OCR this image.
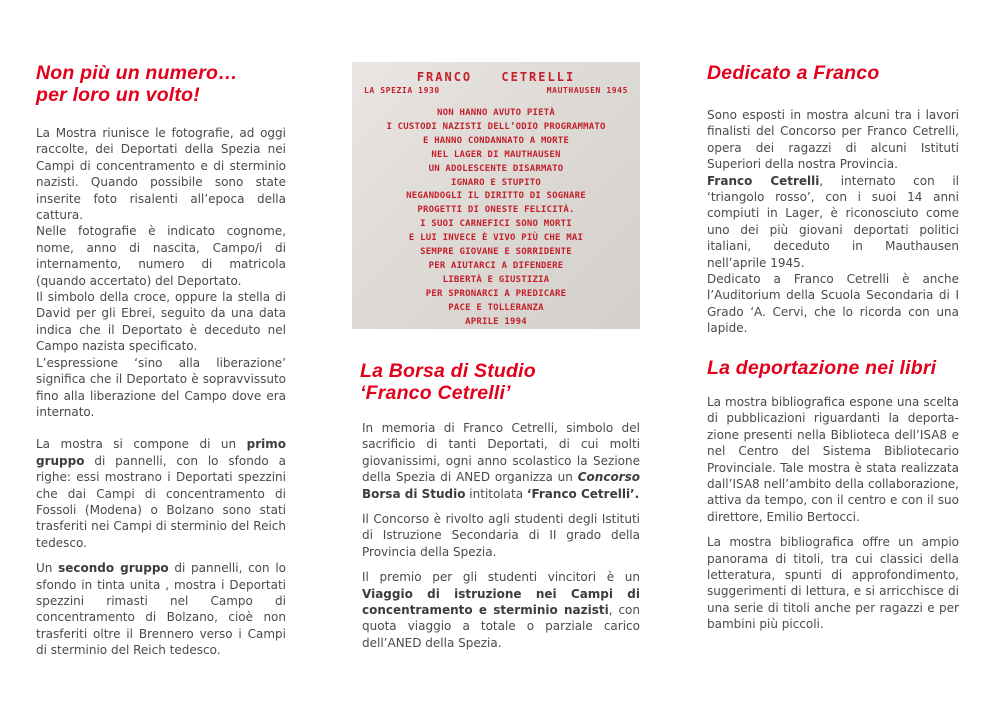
Non più un numero…
per loro un volto!

La Mostra riunisce le fotografie, ad oggi raccolte, dei Deportati della Spezia nei Campi di concentramento e di sterminio nazisti. Quando possibile sono state inserite foto risalenti all’epoca della cattura.

Nelle fotografie è indicato cognome, nome, anno di nascita, Campo/i di internamento, numero di matricola (quando accertato) del Deportato.

Il simbolo della croce, oppure la stella di David per gli Ebrei, seguito da una data indica che il Deportato è deceduto nel Campo nazista specificato.

L’espressione ‘sino alla liberazione’ significa che il Deportato è sopravvissuto fino alla liberazione del Campo dove era internato.

La mostra si compone di un primo gruppo di pannelli, con lo sfondo a righe: essi mostrano i Deportati spezzini che dai Campi di concentramento di Fossoli (Modena) o Bolzano sono stati trasferiti nei Campi di sterminio del Reich tedesco.

Un secondo gruppo di pannelli, con lo sfondo in tinta unita , mostra i Deportati spezzini rimasti nel Campo di concentramento di Bolzano, cioè non trasferiti oltre il Brennero verso i Campi di sterminio del Reich tedesco.

FRANCO CETRELLI
LA SPEZIA 1930	MAUTHAUSEN 1945
NON HANNO AVUTO PIETÀ
I CUSTODI NAZISTI DELL’ODIO PROGRAMMATO
E HANNO CONDANNATO A MORTE
NEL LAGER DI MAUTHAUSEN
UN ADOLESCENTE DISARMATO
IGNARO E STUPITO
NEGANDOGLI IL DIRITTO DI SOGNARE
PROGETTI DI ONESTE FELICITÀ.
I SUOI CARNEFICI SONO MORTI
E LUI INVECE È VIVO PIÙ CHE MAI
SEMPRE GIOVANE E SORRIDENTE
PER AIUTARCI A DIFENDERE
LIBERTÀ E GIUSTIZIA
PER SPRONARCI A PREDICARE
PACE E TOLLERANZA
APRILE 1994
La Borsa di Studio
‘Franco Cetrelli’

In memoria di Franco Cetrelli, simbolo del sacrificio di tanti Deportati, di cui molti giovanissimi, ogni anno scolastico la Sezione della Spezia di ANED organizza un Concorso Borsa di Studio intitolata ‘Franco Cetrelli’.

Il Concorso è rivolto agli studenti degli Istituti di Istruzione Secondaria di II grado della Provincia della Spezia.

Il premio per gli studenti vincitori è un Viaggio di istruzione nei Campi di concentramento e sterminio nazisti, con quota viaggio a totale o parziale carico dell’ANED della Spezia.

Dedicato a Franco

Sono esposti in mostra alcuni tra i lavori finalisti del Concorso per Franco Cetrelli, opera dei ragazzi di alcuni Istituti Superiori della nostra Provincia.

Franco Cetrelli, internato con il ‘triangolo rosso’, con i suoi 14 anni compiuti in Lager, è riconosciuto come uno dei più giovani deportati politici italiani, deceduto in Mauthausen nell’aprile 1945.

Dedicato a Franco Cetrelli è anche l’Auditorium della Scuola Secondaria di I Grado ‘A. Cervi, che lo ricorda con una lapide.

La deportazione nei libri

La mostra bibliografica espone una scelta di pubblicazioni riguardanti la deporta-zione presenti nella Biblioteca dell’ISA8 e nel Centro del Sistema Bibliotecario Provinciale. Tale mostra è stata realizzata dall’ISA8 nell’ambito della collaborazione, attiva da tempo, con il centro e con il suo direttore, Emilio Bertocci.

La mostra bibliografica offre un ampio panorama di titoli, tra cui classici della letteratura, spunti di approfondimento, suggerimenti di lettura, e si arricchisce di una serie di titoli anche per ragazzi e per bambini più piccoli.
